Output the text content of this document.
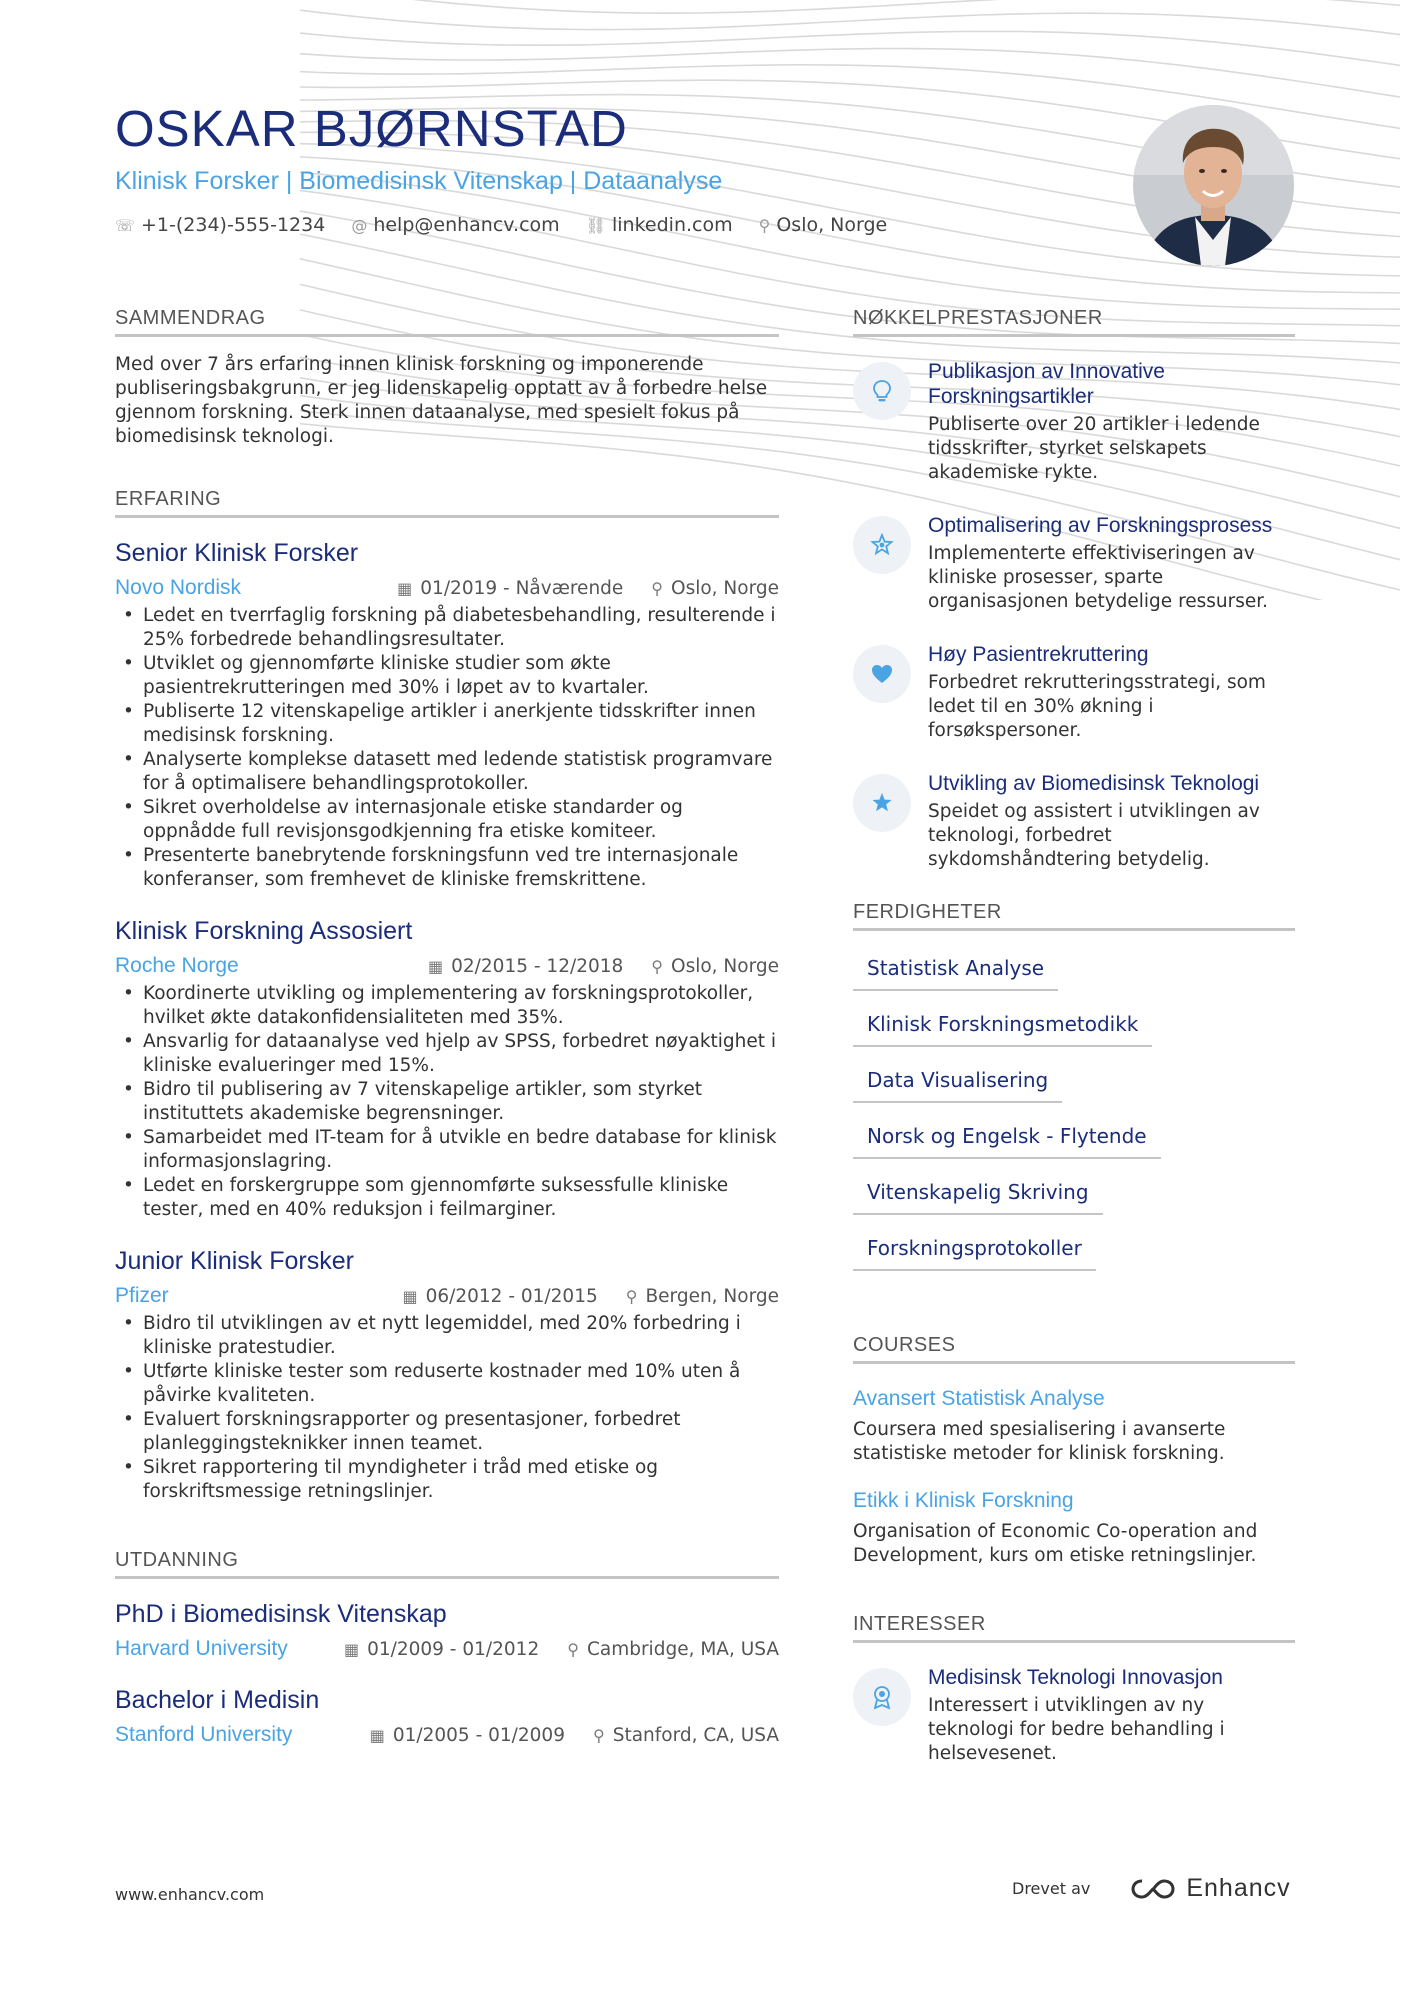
OSKAR BJØRNSTAD
Klinisk Forsker | Biomedisinsk Vitenskap | Dataanalyse
☏ +1-(234)-555-1234 @ help@enhancv.com ⛓ linkedin.com ⚲ Oslo, Norge
SAMMENDRAG

Med over 7 års erfaring innen klinisk forskning og imponerende publiseringsbakgrunn, er jeg lidenskapelig opptatt av å forbedre helse gjennom forskning. Sterk innen dataanalyse, med spesielt fokus på biomedisinsk teknologi.

ERFARING
Senior Klinisk Forsker
Novo Nordisk	▦ 01/2019 - Nåværende ⚲ Oslo, Norge
• Ledet en tverrfaglig forskning på diabetesbehandling, resulterende i 25% forbedrede behandlingsresultater.
• Utviklet og gjennomførte kliniske studier som økte pasientrekrutteringen med 30% i løpet av to kvartaler.
• Publiserte 12 vitenskapelige artikler i anerkjente tidsskrifter innen medisinsk forskning.
• Analyserte komplekse datasett med ledende statistisk programvare for å optimalisere behandlingsprotokoller.
• Sikret overholdelse av internasjonale etiske standarder og oppnådde full revisjonsgodkjenning fra etiske komiteer.
• Presenterte banebrytende forskningsfunn ved tre internasjonale konferanser, som fremhevet de kliniske fremskrittene.
Klinisk Forskning Assosiert
Roche Norge	▦ 02/2015 - 12/2018 ⚲ Oslo, Norge
• Koordinerte utvikling og implementering av forskningsprotokoller, hvilket økte datakonfidensialiteten med 35%.
• Ansvarlig for dataanalyse ved hjelp av SPSS, forbedret nøyaktighet i kliniske evalueringer med 15%.
• Bidro til publisering av 7 vitenskapelige artikler, som styrket instituttets akademiske begrensninger.
• Samarbeidet med IT-team for å utvikle en bedre database for klinisk informasjonslagring.
• Ledet en forskergruppe som gjennomførte suksessfulle kliniske tester, med en 40% reduksjon i feilmarginer.
Junior Klinisk Forsker
Pfizer	▦ 06/2012 - 01/2015 ⚲ Bergen, Norge
• Bidro til utviklingen av et nytt legemiddel, med 20% forbedring i kliniske pratestudier.
• Utførte kliniske tester som reduserte kostnader med 10% uten å påvirke kvaliteten.
• Evaluert forskningsrapporter og presentasjoner, forbedret planleggingsteknikker innen teamet.
• Sikret rapportering til myndigheter i tråd med etiske og forskriftsmessige retningslinjer.
UTDANNING
PhD i Biomedisinsk Vitenskap
Harvard University	▦ 01/2009 - 01/2012 ⚲ Cambridge, MA, USA
Bachelor i Medisin
Stanford University	▦ 01/2005 - 01/2009 ⚲ Stanford, CA, USA
NØKKELPRESTASJONER
Publikasjon av Innovative Forskningsartikler
Publiserte over 20 artikler i ledende tidsskrifter, styrket selskapets akademiske rykte.
Optimalisering av Forskningsprosess
Implementerte effektiviseringen av kliniske prosesser, sparte organisasjonen betydelige ressurser.
Høy Pasientrekruttering
Forbedret rekrutteringsstrategi, som ledet til en 30% økning i forsøkspersoner.
Utvikling av Biomedisinsk Teknologi
Speidet og assistert i utviklingen av teknologi, forbedret sykdomshåndtering betydelig.
FERDIGHETER
Statistisk Analyse
Klinisk Forskningsmetodikk
Data Visualisering
Norsk og Engelsk - Flytende
Vitenskapelig Skriving
Forskningsprotokoller
COURSES
Avansert Statistisk Analyse
Coursera med spesialisering i avanserte statistiske metoder for klinisk forskning.
Etikk i Klinisk Forskning
Organisation of Economic Co-operation and Development, kurs om etiske retningslinjer.
INTERESSER
Medisinsk Teknologi Innovasjon
Interessert i utviklingen av ny teknologi for bedre behandling i helsevesenet.
www.enhancv.com	Drevet av	Enhancv
